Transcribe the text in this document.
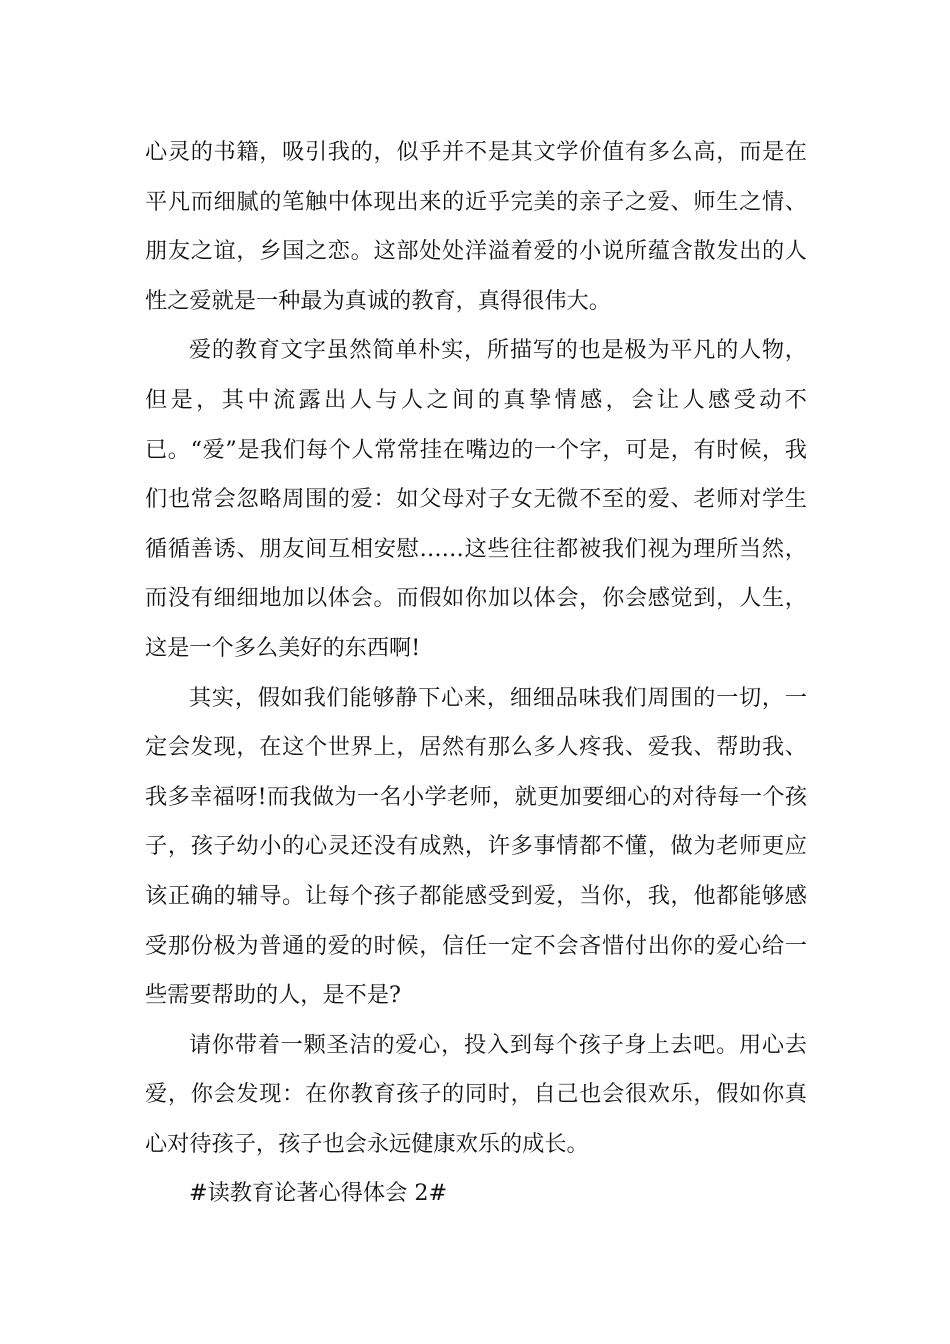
心灵的书籍，吸引我的，似乎并不是其文学价值有多么高，而是在平凡而细腻的笔触中体现出来的近乎完美的亲子之爱、师生之情、朋友之谊，乡国之恋。这部处处洋溢着爱的小说所蕴含散发出的人性之爱就是一种最为真诚的教育，真得很伟大。

爱的教育文字虽然简单朴实，所描写的也是极为平凡的人物，但是，其中流露出人与人之间的真挚情感，会让人感受动不已。“爱”是我们每个人常常挂在嘴边的一个字，可是，有时候，我们也常会忽略周围的爱：如父母对子女无微不至的爱、老师对学生循循善诱、朋友间互相安慰……这些往往都被我们视为理所当然，而没有细细地加以体会。而假如你加以体会，你会感觉到，人生，这是一个多么美好的东西啊!

其实，假如我们能够静下心来，细细品味我们周围的一切，一定会发现，在这个世界上，居然有那么多人疼我、爱我、帮助我、我多幸福呀!而我做为一名小学老师，就更加要细心的对待每一个孩子，孩子幼小的心灵还没有成熟，许多事情都不懂，做为老师更应该正确的辅导。让每个孩子都能感受到爱，当你，我，他都能够感受那份极为普通的爱的时候，信任一定不会吝惜付出你的爱心给一些需要帮助的人，是不是?

请你带着一颗圣洁的爱心，投入到每个孩子身上去吧。用心去爱，你会发现：在你教育孩子的同时，自己也会很欢乐，假如你真心对待孩子，孩子也会永远健康欢乐的成长。

#读教育论著心得体会 2#
